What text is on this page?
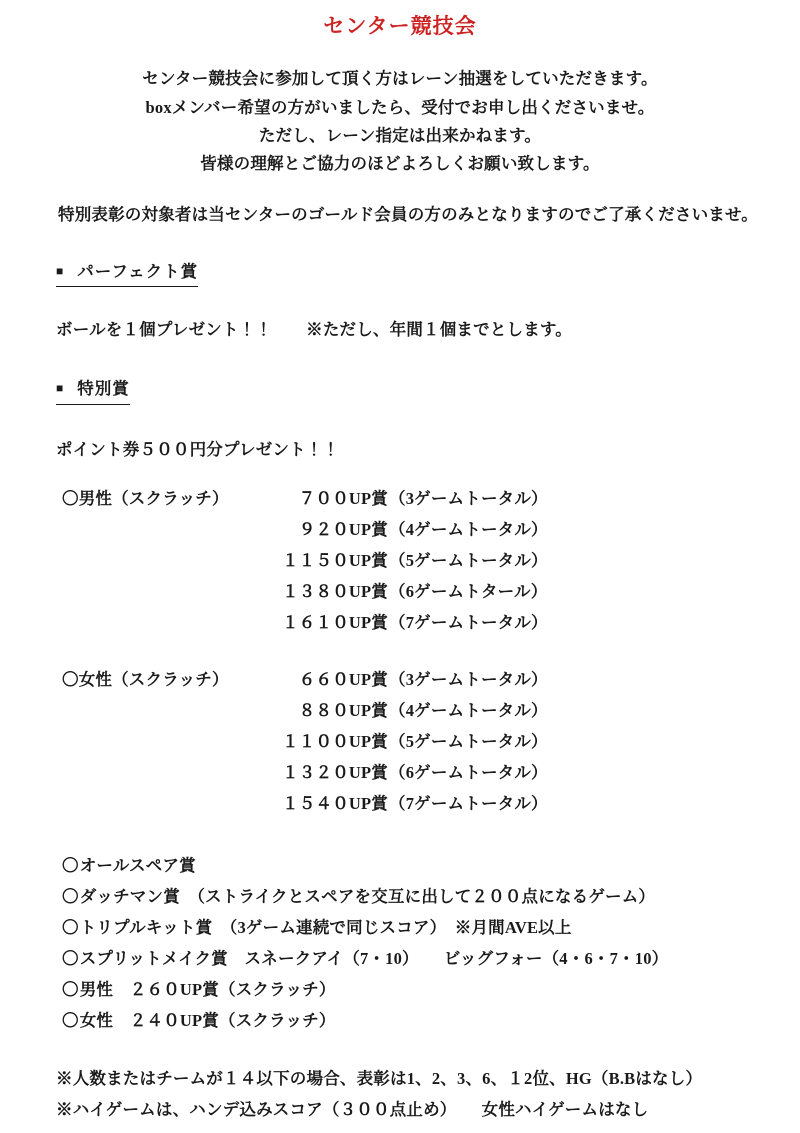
センター競技会
センター競技会に参加して頂く方はレーン抽選をしていただきます。
boxメンバー希望の方がいましたら、受付でお申し出くださいませ。
ただし、レーン指定は出来かねます。
皆様の理解とご協力のほどよろしくお願い致します。

特別表彰の対象者は当センターのゴールド会員の方のみとなりますのでご了承くださいませ。

■ パーフェクト賞

ボールを１個プレゼント！！ ※ただし、年間１個までとします。

■ 特別賞

ポイント券５００円分プレゼント！！

〇男性（スクラッチ）	７００UP賞 （3ゲームトータル）
９２０UP賞 （4ゲームトータル）
１１５０UP賞 （5ゲームトータル）
１３８０UP賞 （6ゲームトタール）
１６１０UP賞 （7ゲームトータル）
〇女性（スクラッチ）	６６０UP賞 （3ゲームトータル）
８８０UP賞 （4ゲームトータル）
１１００UP賞 （5ゲームトータル）
１３２０UP賞 （6ゲームトータル）
１５４０UP賞 （7ゲームトータル）
〇 オールスペア賞
〇 ダッチマン賞　（ストライクとスペアを交互に出して２００点になるゲーム）
〇 トリプルキット賞　（3ゲーム連続で同じスコア）　※月間AVE以上
〇 スプリットメイク賞　スネークアイ（7・10）　　ビッグフォー（4・6・7・10）
〇 男性　２６０UP賞（スクラッチ）
〇 女性　２４０UP賞（スクラッチ）
※人数またはチームが１４以下の場合、表彰は1、2、3、6、１2位、HG（B.Bはなし）
※ハイゲームは、ハンデ込みスコア（３００点止め）　　女性ハイゲームはなし
